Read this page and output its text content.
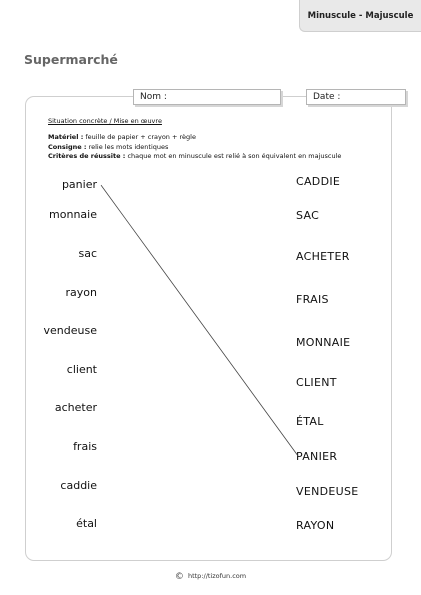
Minuscule - Majuscule
Supermarché
Nom :	Date :
Situation concrète / Mise en œuvre
Matériel : feuille de papier + crayon + règle
Consigne : relie les mots identiques
Critères de réussite : chaque mot en minuscule est relié à son équivalent en majuscule
panier
monnaie
sac
rayon
vendeuse
client
acheter
frais
caddie
étal
CADDIE
SAC
ACHETER
FRAIS
MONNAIE
CLIENT
ÉTAL
PANIER
VENDEUSE
RAYON
© http://tizofun.com
